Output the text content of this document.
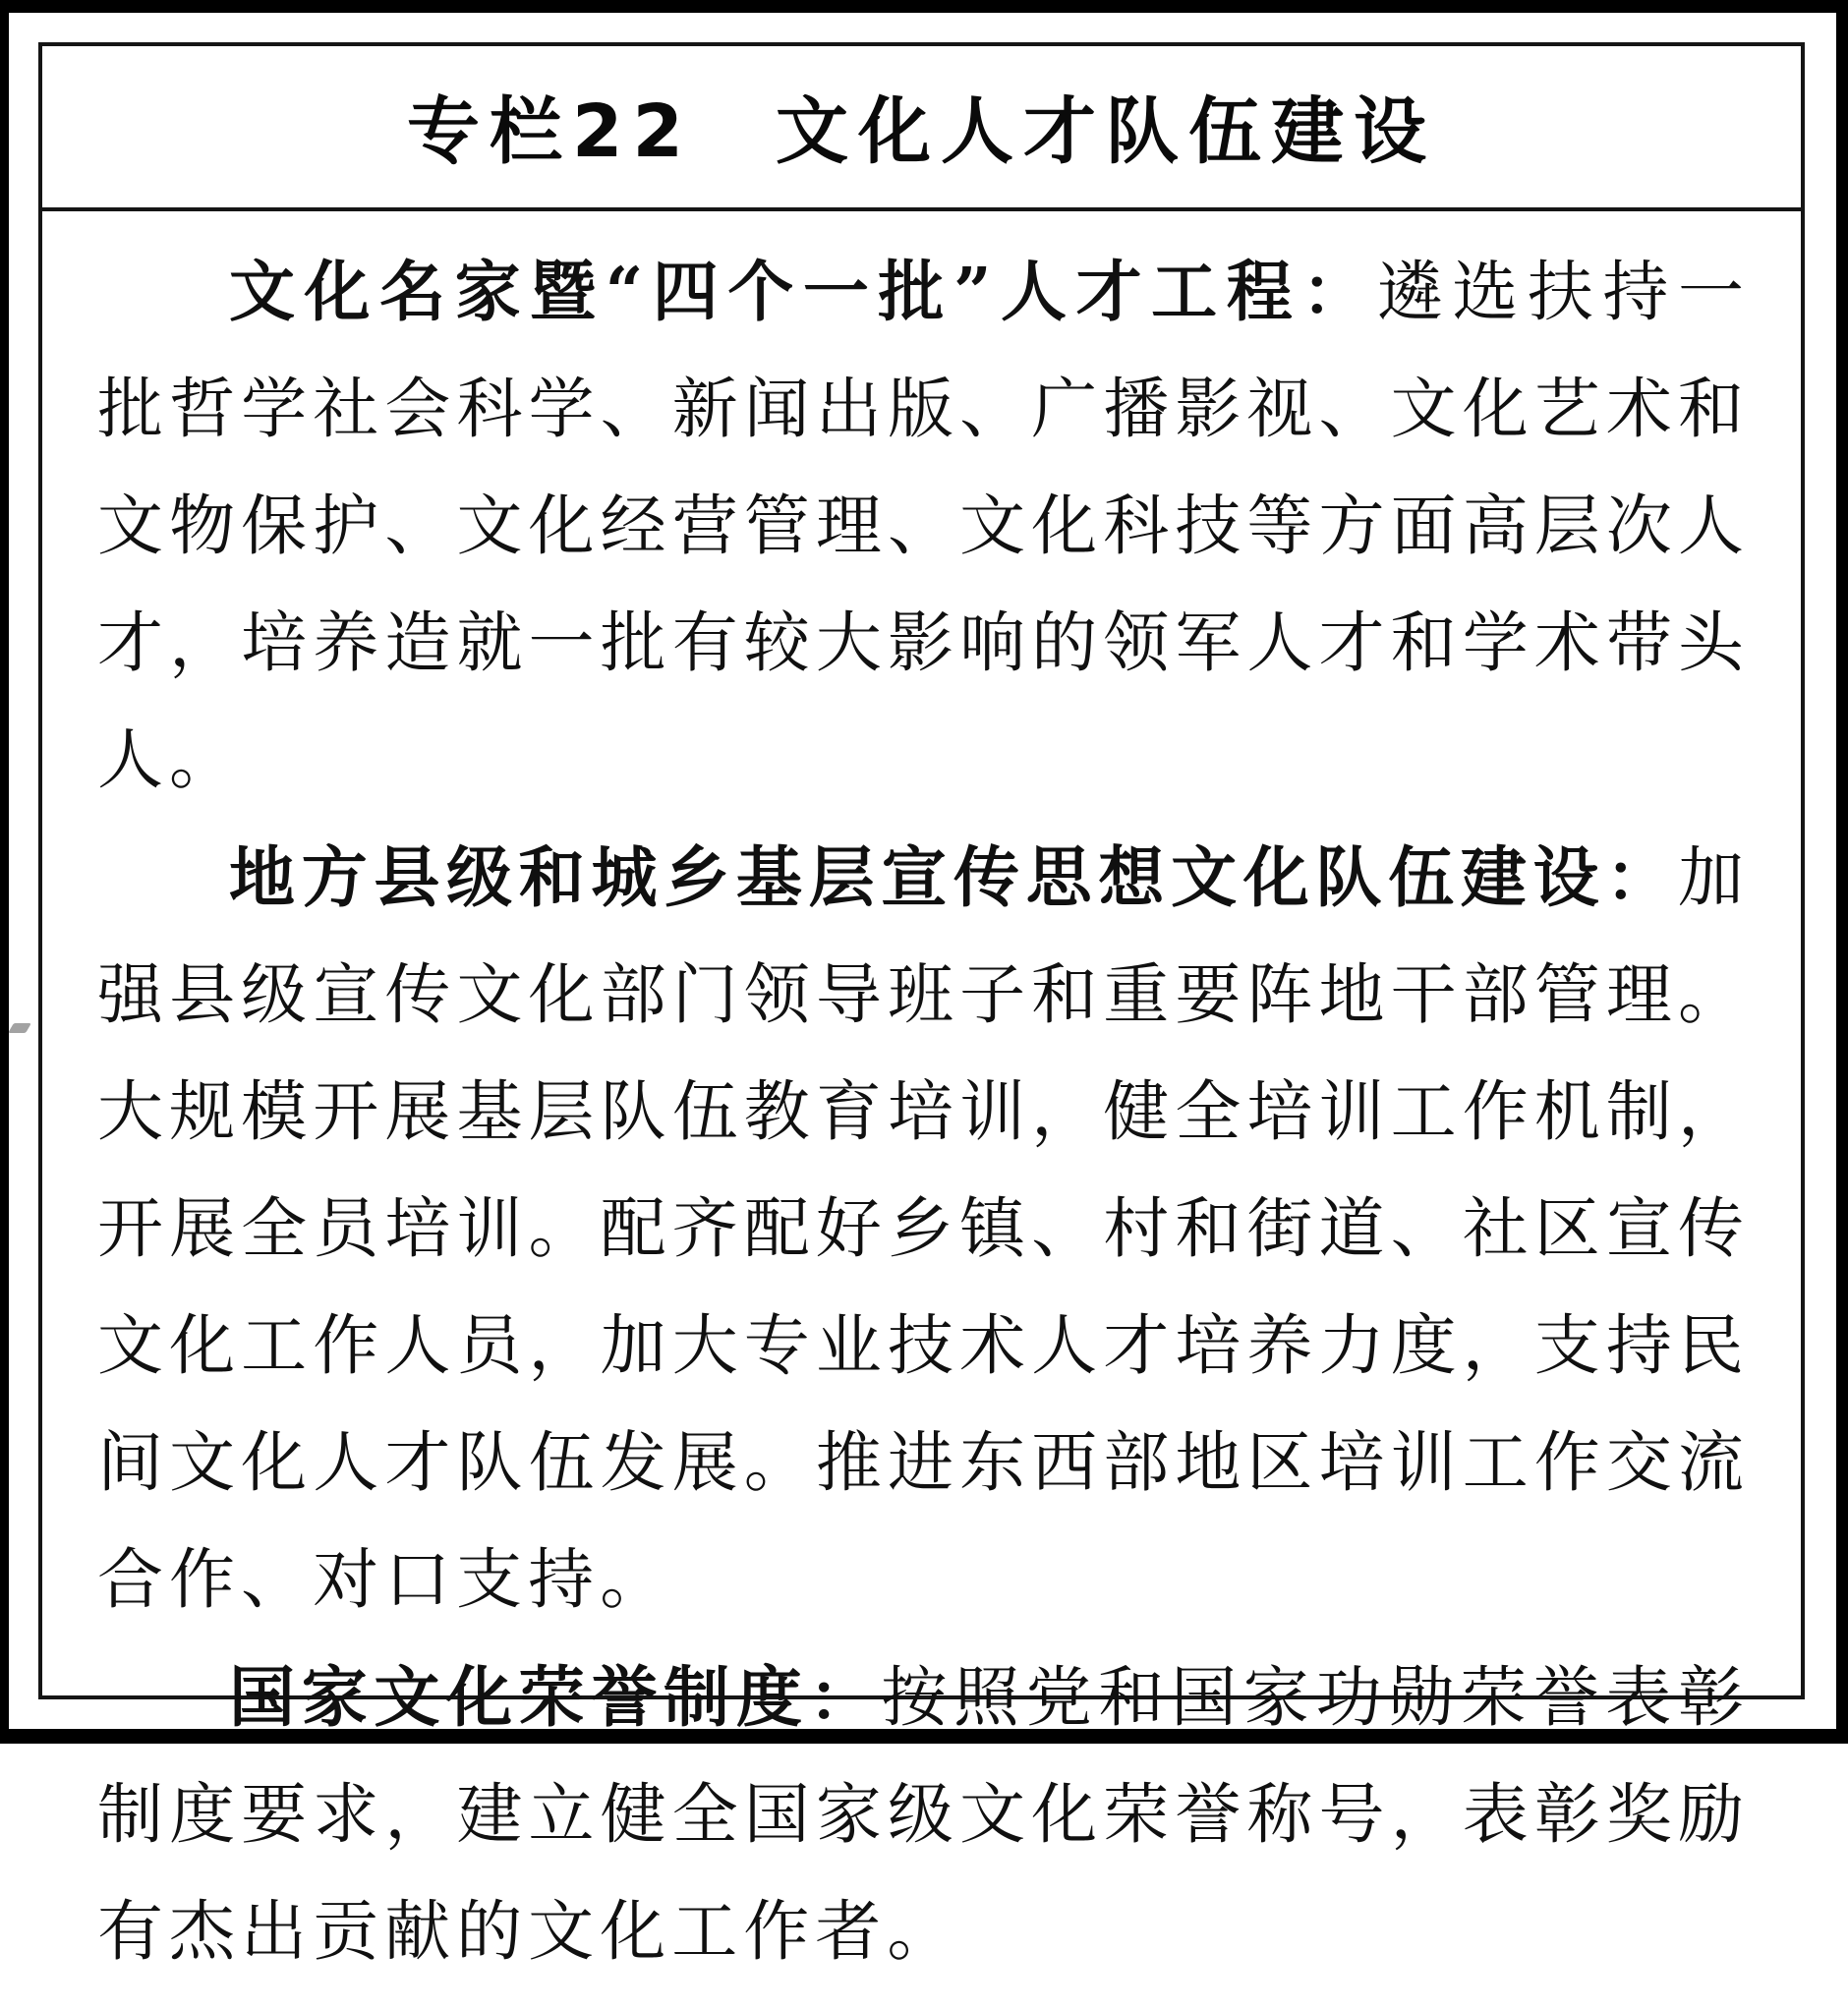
专栏22　文化人才队伍建设

文化名家暨“四个一批”人才工程：遴选扶持一批哲学社会科学、新闻出版、广播影视、文化艺术和文物保护、文化经营管理、文化科技等方面高层次人才，培养造就一批有较大影响的领军人才和学术带头人。

地方县级和城乡基层宣传思想文化队伍建设：加强县级宣传文化部门领导班子和重要阵地干部管理。大规模开展基层队伍教育培训，健全培训工作机制，开展全员培训。配齐配好乡镇、村和街道、社区宣传文化工作人员，加大专业技术人才培养力度，支持民间文化人才队伍发展。推进东西部地区培训工作交流合作、对口支持。

国家文化荣誉制度：按照党和国家功勋荣誉表彰制度要求，建立健全国家级文化荣誉称号，表彰奖励有杰出贡献的文化工作者。
